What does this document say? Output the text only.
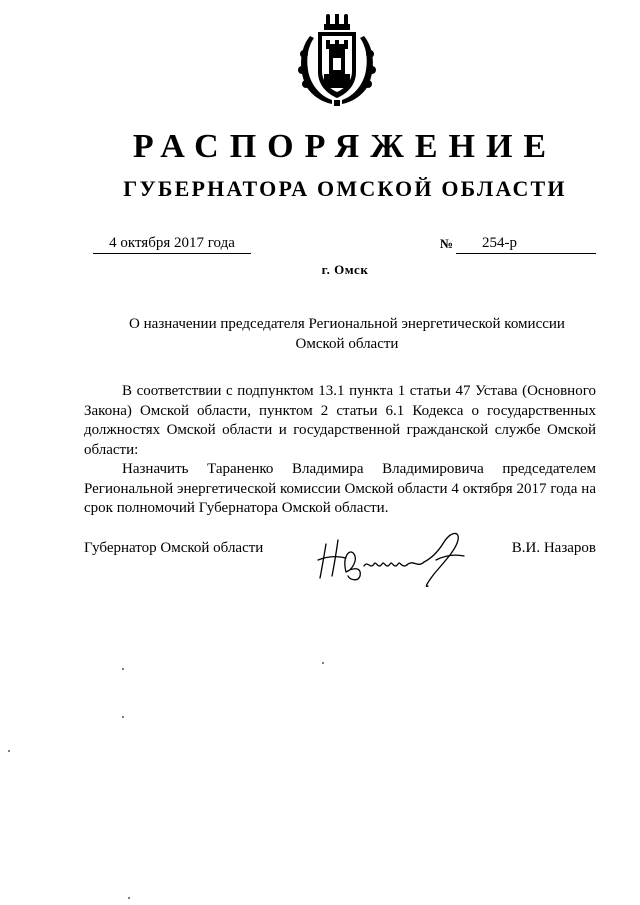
РАСПОРЯЖЕНИЕ
ГУБЕРНАТОРА ОМСКОЙ ОБЛАСТИ
4 октября 2017 года	№	254-р
г. Омск
О назначении председателя Региональной энергетической комиссии Омской области

В соответствии с подпунктом 13.1 пункта 1 статьи 47 Устава (Основного Закона) Омской области, пунктом 2 статьи 6.1 Кодекса о государственных должностях Омской области и государственной гражданской службе Омской области:

Назначить Тараненко Владимира Владимировича председателем Региональной энергетической комиссии Омской области 4 октября 2017 года на срок полномочий Губернатора Омской области.

Губернатор Омской области	В.И. Назаров
